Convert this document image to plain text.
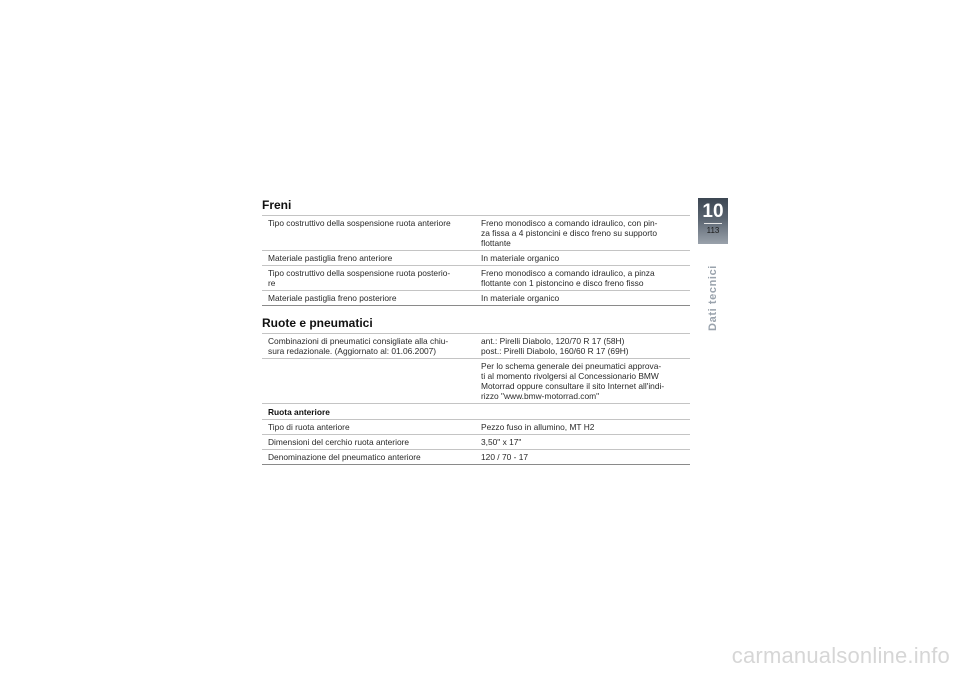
Freni
Tipo costruttivo della sospensione ruota anteriore	Freno monodisco a comando idraulico, con pin-
za fissa a 4 pistoncini e disco freno su supporto
flottante
Materiale pastiglia freno anteriore	In materiale organico
Tipo costruttivo della sospensione ruota posterio-
re	Freno monodisco a comando idraulico, a pinza
flottante con 1 pistoncino e disco freno fisso
Materiale pastiglia freno posteriore	In materiale organico
Ruote e pneumatici
Combinazioni di pneumatici consigliate alla chiu-
sura redazionale. (Aggiornato al: 01.06.2007)	ant.: Pirelli Diabolo, 120/70 R 17 (58H)
post.: Pirelli Diabolo, 160/60 R 17 (69H)
	Per lo schema generale dei pneumatici approva-
ti al momento rivolgersi al Concessionario BMW
Motorrad oppure consultare il sito Internet all'indi-
rizzo "www.bmw-motorrad.com"
Ruota anteriore	
Tipo di ruota anteriore	Pezzo fuso in allumino, MT H2
Dimensioni del cerchio ruota anteriore	3,50" x 17"
Denominazione del pneumatico anteriore	120 / 70 - 17
10
113
Dati tecnici
carmanualsonline.info
